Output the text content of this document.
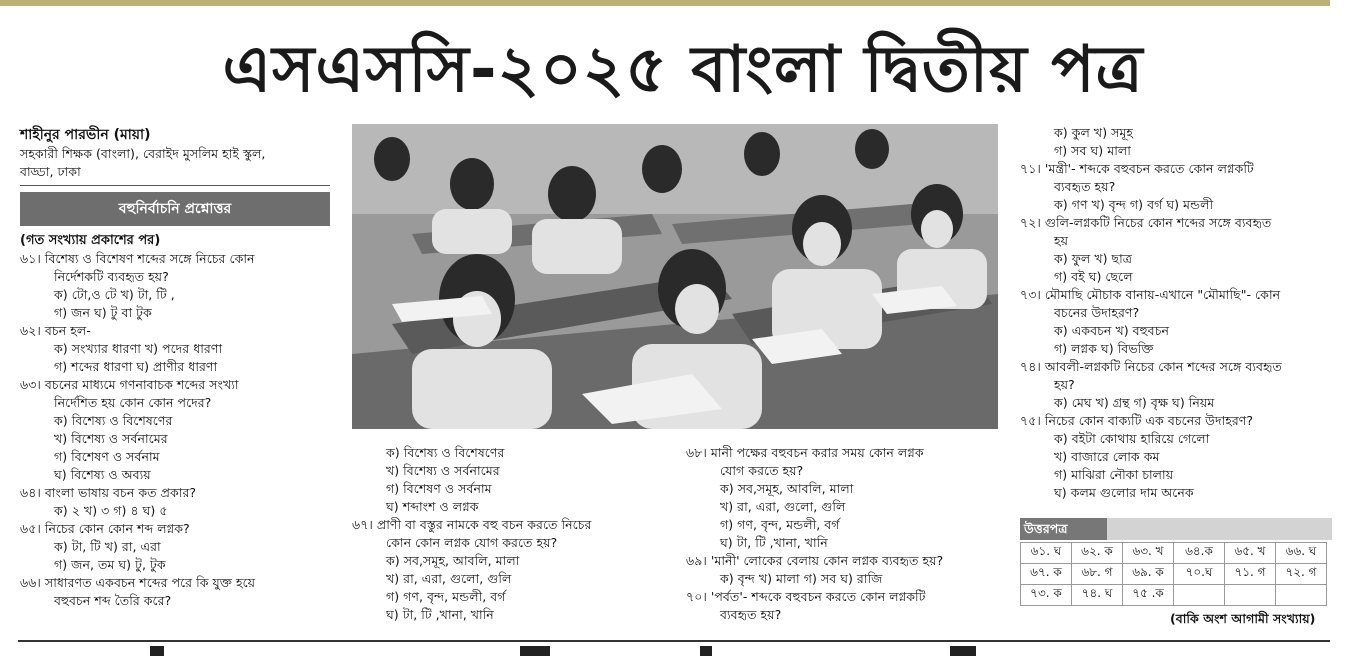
এসএসসি-২০২৫ বাংলা দ্বিতীয় পত্র

শাহীনুর পারভীন (মায়া)

সহকারী শিক্ষক (বাংলা), বেরাইদ মুসলিম হাই স্কুল,

বাড্ডা, ঢাকা

বহুনির্বাচনি প্রশ্নোত্তর

(গত সংখ্যায় প্রকাশের পর)

৬১। বিশেষ্য ও বিশেষণ শব্দের সঙ্গে নিচের কোন

নির্দেশকটি ব্যবহৃত হয়?

ক) টো,ও টে খ) টা, টি ,

গ) জন ঘ) টু বা টুক

৬২। বচন হল-

ক) সংখ্যার ধারণা খ) পদের ধারণা

গ) শব্দের ধারণা ঘ) প্রাণীর ধারণা

৬৩। বচনের মাধ্যমে গণনাবাচক শব্দের সংখ্যা

নির্দেশিত হয় কোন কোন পদের?

ক) বিশেষ্য ও বিশেষণের

খ) বিশেষ্য ও সর্বনামের

গ) বিশেষণ ও সর্বনাম

ঘ) বিশেষ্য ও অব্যয়

৬৪। বাংলা ভাষায় বচন কত প্রকার?

ক) ২ খ) ৩ গ) ৪ ঘ) ৫

৬৫। নিচের কোন কোন শব্দ লগ্নক?

ক) টা, টি খ) রা, এরা

গ) জন, তম ঘ) টু, টুক

৬৬। সাধারণত একবচন শব্দের পরে কি যুক্ত হয়ে

বহুবচন শব্দ তৈরি করে?

ক) বিশেষ্য ও বিশেষণের

খ) বিশেষ্য ও সর্বনামের

গ) বিশেষণ ও সর্বনাম

ঘ) শব্দাংশ ও লগ্নক

৬৭। প্রাণী বা বস্তুর নামকে বহু বচন করতে নিচের

কোন কোন লগ্নক যোগ করতে হয়?

ক) সব,সমূহ, আবলি, মালা

খ) রা, এরা, গুলো, গুলি

গ) গণ, বৃন্দ, মন্ডলী, বর্গ

ঘ) টা, টি ,খানা, খানি

৬৮। মানী পক্ষের বহুবচন করার সময় কোন লগ্নক

যোগ করতে হয়?

ক) সব,সমূহ, আবলি, মালা

খ) রা, এরা, গুলো, গুলি

গ) গণ, বৃন্দ, মন্ডলী, বর্গ

ঘ) টা, টি ,খানা, খানি

৬৯। 'মানী' লোকের বেলায় কোন লগ্নক ব্যবহৃত হয়?

ক) বৃন্দ খ) মালা গ) সব ঘ) রাজি

৭০। 'পর্বত'- শব্দকে বহুবচন করতে কোন লগ্নকটি

ব্যবহৃত হয়?

ক) কুল খ) সমূহ

গ) সব ঘ) মালা

৭১। 'মন্ত্রী'- শব্দকে বহুবচন করতে কোন লগ্নকটি

ব্যবহৃত হয়?

ক) গণ খ) বৃন্দ গ) বর্গ ঘ) মন্ডলী

৭২। গুলি-লগ্নকটি নিচের কোন শব্দের সঙ্গে ব্যবহৃত

হয়

ক) ফুল খ) ছাত্র

গ) বই ঘ) ছেলে

৭৩। মৌমাছি মৌচাক বানায়-এখানে "মৌমাছি"- কোন

বচনের উদাহরণ?

ক) একবচন খ) বহুবচন

গ) লগ্নক ঘ) বিভক্তি

৭৪। আবলী-লগ্নকটি নিচের কোন শব্দের সঙ্গে ব্যবহৃত

হয়?

ক) মেঘ খ) গ্রন্থ গ) বৃক্ষ ঘ) নিয়ম

৭৫। নিচের কোন বাক্যটি এক বচনের উদাহরণ?

ক) বইটা কোথায় হারিয়ে গেলো

খ) বাজারে লোক কম

গ) মাঝিরা নৌকা চালায়

ঘ) কলম গুলোর দাম অনেক

উত্তরপত্র
৬১. ঘ	৬২. ক	৬৩. খ	৬৪.ক	৬৫. খ	৬৬. ঘ
৬৭. ক	৬৮. গ	৬৯. ক	৭০.ঘ	৭১. গ	৭২. গ
৭৩. ক	৭৪. ঘ	৭৫ .ক			
(বাকি অংশ আগামী সংখ্যায়)
